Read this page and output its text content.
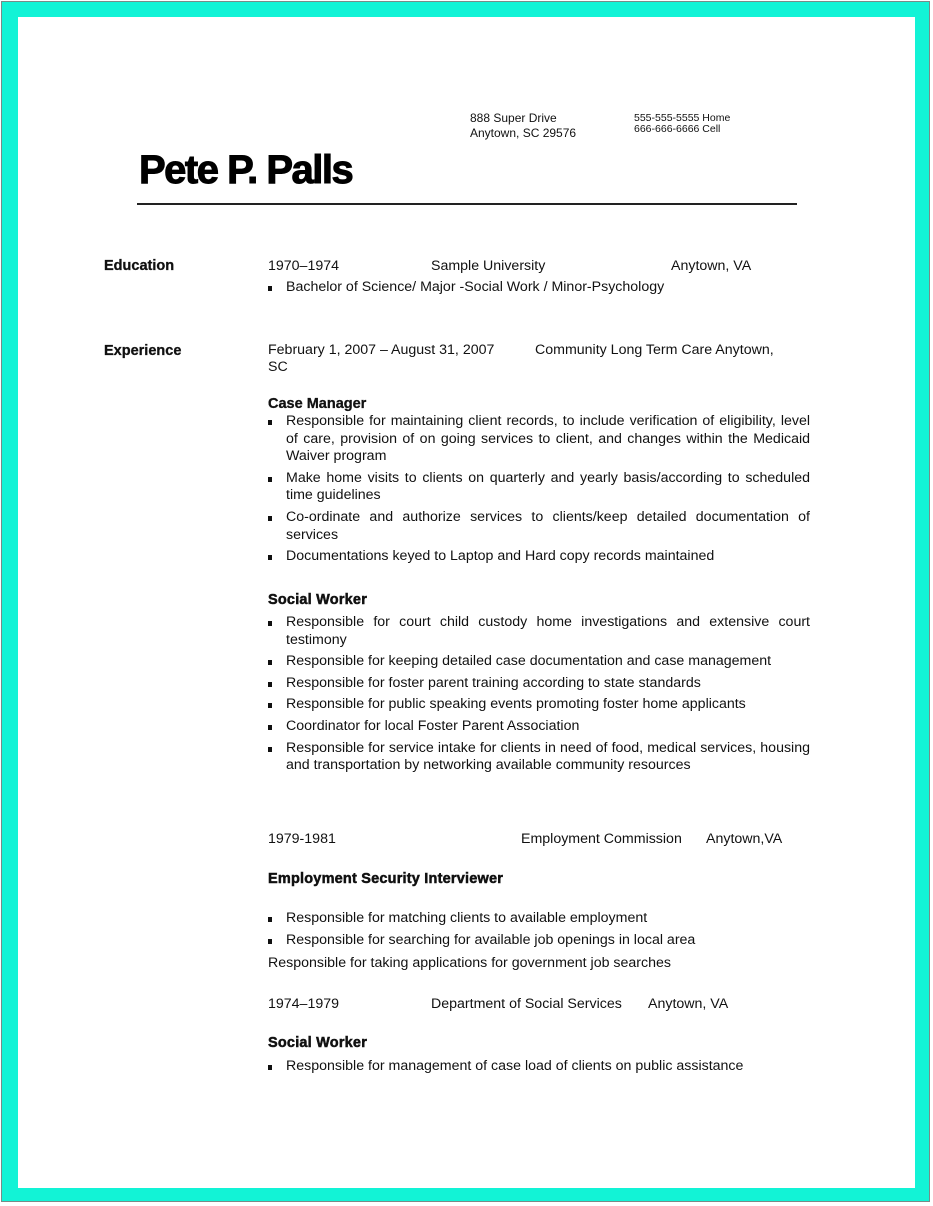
888 Super Drive
Anytown, SC 29576
555-555-5555 Home
666-666-6666 Cell
Pete P. Palls
Education	1970–1974	Sample University	Anytown, VA
Bachelor of Science/ Major -Social Work / Minor-Psychology
Experience	February 1, 2007 – August 31, 2007	Community Long Term Care Anytown,
SC
Case Manager
Responsible for maintaining client records, to include verification of eligibility, level of care, provision of on going services to client, and changes within the Medicaid Waiver program
Make home visits to clients on quarterly and yearly basis/according to scheduled time guidelines
Co-ordinate and authorize services to clients/keep detailed documentation of services
Documentations keyed to Laptop and Hard copy records maintained
Social Worker
Responsible for court child custody home investigations and extensive court testimony
Responsible for keeping detailed case documentation and case management
Responsible for foster parent training according to state standards
Responsible for public speaking events promoting foster home applicants
Coordinator for local Foster Parent Association
Responsible for service intake for clients in need of food, medical services, housing and transportation by networking available community resources
1979-1981	Employment Commission Anytown,VA
Employment Security Interviewer
Responsible for matching clients to available employment
Responsible for searching for available job openings in local area
Responsible for taking applications for government job searches
1974–1979	Department of Social Services Anytown, VA
Social Worker
Responsible for management of case load of clients on public assistance
